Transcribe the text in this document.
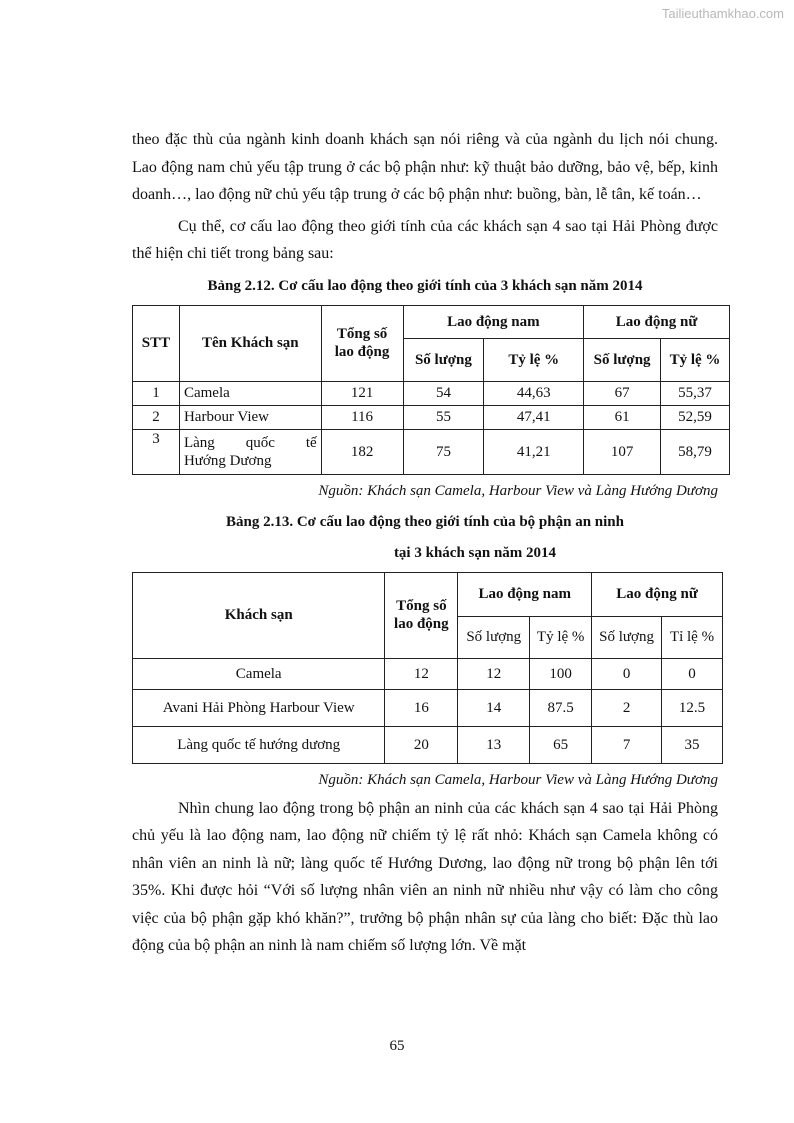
Tailieuthamkhao.com

theo đặc thù của ngành kinh doanh khách sạn nói riêng và của ngành du lịch nói chung. Lao động nam chủ yếu tập trung ở các bộ phận như: kỹ thuật bảo dưỡng, bảo vệ, bếp, kinh doanh…, lao động nữ chủ yếu tập trung ở các bộ phận như: buồng, bàn, lễ tân, kế toán…

Cụ thể, cơ cấu lao động theo giới tính của các khách sạn 4 sao tại Hải Phòng được thể hiện chi tiết trong bảng sau:

Bảng 2.12. Cơ cấu lao động theo giới tính của 3 khách sạn năm 2014

STT	Tên Khách sạn	Tổng số lao động	Lao động nam		Lao động nữ	
			Số lượng	Tỷ lệ %	Số lượng	Tỷ lệ %
1	Camela	121	54	44,63	67	55,37
2	Harbour View	116	55	47,41	61	52,59
3	Làng quốc tế
Hướng Dương	182	75	41,21	107	58,79

Nguồn: Khách sạn Camela, Harbour View và Làng Hướng Dương

Bảng 2.13. Cơ cấu lao động theo giới tính của bộ phận an ninh

tại 3 khách sạn năm 2014

Khách sạn	Tổng số lao động	Lao động nam		Lao động nữ	
		Số lượng	Tỷ lệ %	Số lượng	Tỉ lệ %
Camela	12	12	100	0	0
Avani Hải Phòng Harbour View	16	14	87.5	2	12.5
Làng quốc tế hướng dương	20	13	65	7	35

Nguồn: Khách sạn Camela, Harbour View và Làng Hướng Dương

Nhìn chung lao động trong bộ phận an ninh của các khách sạn 4 sao tại Hải Phòng chủ yếu là lao động nam, lao động nữ chiếm tỷ lệ rất nhỏ: Khách sạn Camela không có nhân viên an ninh là nữ; làng quốc tế Hướng Dương, lao động nữ trong bộ phận lên tới 35%. Khi được hỏi “Với số lượng nhân viên an ninh nữ nhiều như vậy có làm cho công việc của bộ phận gặp khó khăn?”, trưởng bộ phận nhân sự của làng cho biết: Đặc thù lao động của bộ phận an ninh là nam chiếm số lượng lớn. Về mặt

65
